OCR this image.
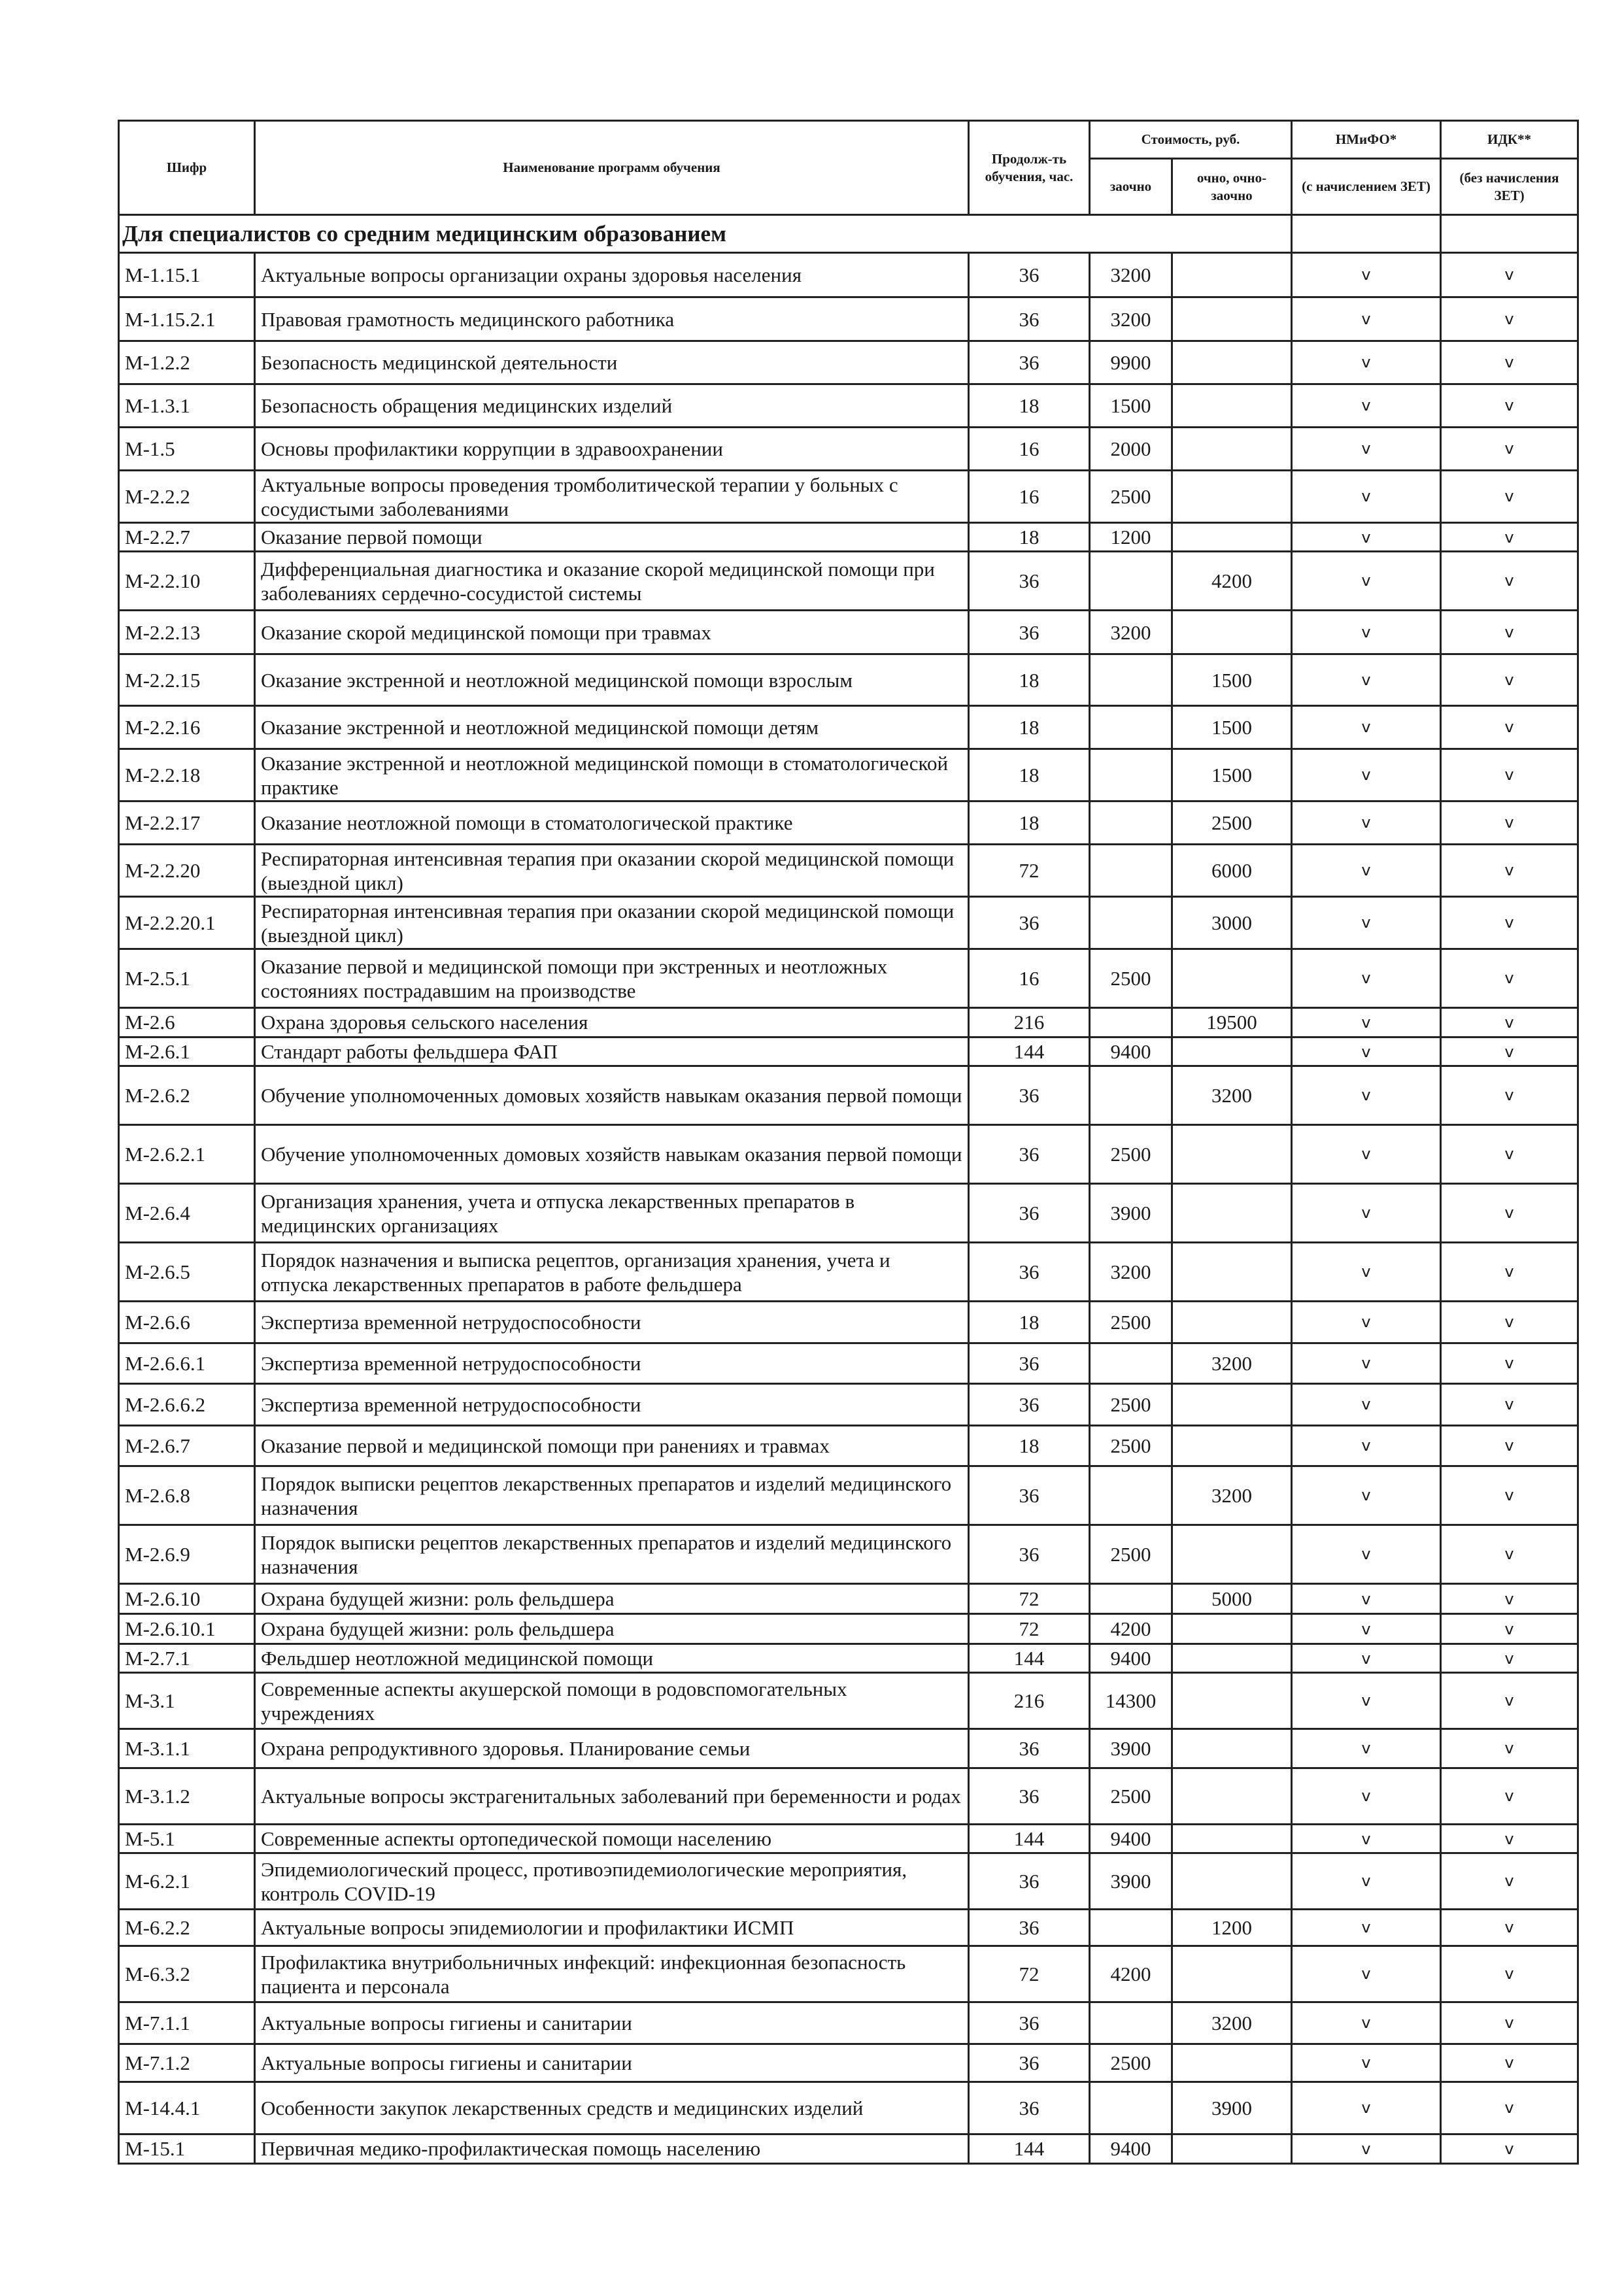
Шифр	Наименование программ обучения	Продолж-ть обучения, час.	Стоимость, руб.		НМиФО*	ИДК**
			заочно	очно, очно-заочно	(с начислением ЗЕТ)	(без начисления ЗЕТ)
Для специалистов со средним медицинским образованием						
М-1.15.1	Актуальные вопросы организации охраны здоровья населения	36	3200		v	v
М-1.15.2.1	Правовая грамотность медицинского работника	36	3200		v	v
М-1.2.2	Безопасность медицинской деятельности	36	9900		v	v
М-1.3.1	Безопасность обращения медицинских изделий	18	1500		v	v
М-1.5	Основы профилактики коррупции в здравоохранении	16	2000		v	v
М-2.2.2	Актуальные вопросы проведения тромболитической терапии у больных с сосудистыми заболеваниями	16	2500		v	v
М-2.2.7	Оказание первой помощи	18	1200		v	v
М-2.2.10	Дифференциальная диагностика и оказание скорой медицинской помощи при заболеваниях сердечно-сосудистой системы	36		4200	v	v
М-2.2.13	Оказание скорой медицинской помощи при травмах	36	3200		v	v
М-2.2.15	Оказание экстренной и неотложной медицинской помощи взрослым	18		1500	v	v
М-2.2.16	Оказание экстренной и неотложной медицинской помощи детям	18		1500	v	v
М-2.2.18	Оказание экстренной и неотложной медицинской помощи в стоматологической практике	18		1500	v	v
М-2.2.17	Оказание неотложной помощи в стоматологической практике	18		2500	v	v
М-2.2.20	Респираторная интенсивная терапия при оказании скорой медицинской помощи (выездной цикл)	72		6000	v	v
М-2.2.20.1	Респираторная интенсивная терапия при оказании скорой медицинской помощи (выездной цикл)	36		3000	v	v
М-2.5.1	Оказание первой и медицинской помощи при экстренных и неотложных состояниях пострадавшим на производстве	16	2500		v	v
М-2.6	Охрана здоровья сельского населения	216		19500	v	v
М-2.6.1	Стандарт работы фельдшера ФАП	144	9400		v	v
М-2.6.2	Обучение уполномоченных домовых хозяйств навыкам оказания первой помощи	36		3200	v	v
М-2.6.2.1	Обучение уполномоченных домовых хозяйств навыкам оказания первой помощи	36	2500		v	v
М-2.6.4	Организация хранения, учета и отпуска лекарственных препаратов в медицинских организациях	36	3900		v	v
М-2.6.5	Порядок назначения и выписка рецептов, организация хранения, учета и отпуска лекарственных препаратов в работе фельдшера	36	3200		v	v
М-2.6.6	Экспертиза временной нетрудоспособности	18	2500		v	v
М-2.6.6.1	Экспертиза временной нетрудоспособности	36		3200	v	v
М-2.6.6.2	Экспертиза временной нетрудоспособности	36	2500		v	v
М-2.6.7	Оказание первой и медицинской помощи при ранениях и травмах	18	2500		v	v
М-2.6.8	Порядок выписки рецептов лекарственных препаратов и изделий медицинского назначения	36		3200	v	v
М-2.6.9	Порядок выписки рецептов лекарственных препаратов и изделий медицинского назначения	36	2500		v	v
М-2.6.10	Охрана будущей жизни: роль фельдшера	72		5000	v	v
М-2.6.10.1	Охрана будущей жизни: роль фельдшера	72	4200		v	v
М-2.7.1	Фельдшер неотложной медицинской помощи	144	9400		v	v
М-3.1	Современные аспекты акушерской помощи в родовспомогательных учреждениях	216	14300		v	v
М-3.1.1	Охрана репродуктивного здоровья. Планирование семьи	36	3900		v	v
М-3.1.2	Актуальные вопросы экстрагенитальных заболеваний при беременности и родах	36	2500		v	v
М-5.1	Современные аспекты ортопедической помощи населению	144	9400		v	v
М-6.2.1	Эпидемиологический процесс, противоэпидемиологические мероприятия, контроль COVID-19	36	3900		v	v
М-6.2.2	Актуальные вопросы эпидемиологии и профилактики ИСМП	36		1200	v	v
М-6.3.2	Профилактика внутрибольничных инфекций: инфекционная безопасность пациента и персонала	72	4200		v	v
М-7.1.1	Актуальные вопросы гигиены и санитарии	36		3200	v	v
М-7.1.2	Актуальные вопросы гигиены и санитарии	36	2500		v	v
М-14.4.1	Особенности закупок лекарственных средств и медицинских изделий	36		3900	v	v
М-15.1	Первичная медико-профилактическая помощь населению	144	9400		v	v
